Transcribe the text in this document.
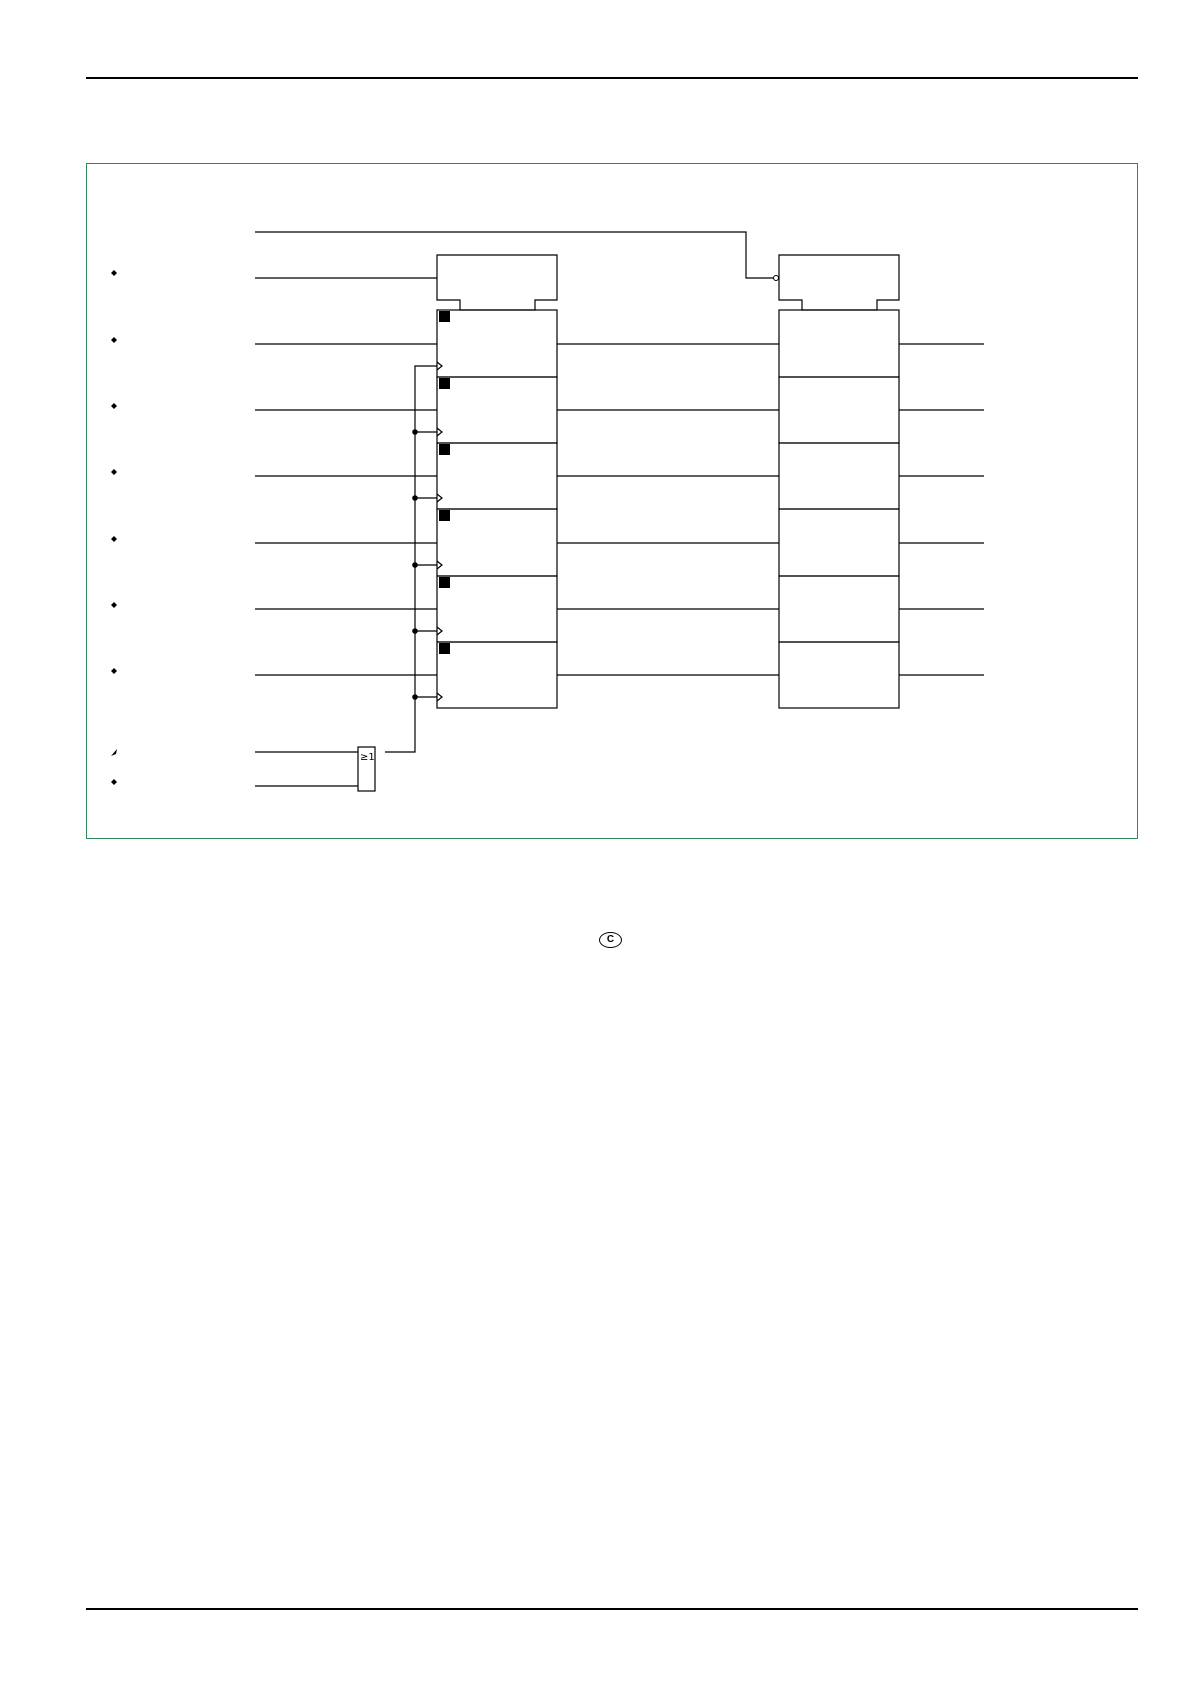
≥1
C
